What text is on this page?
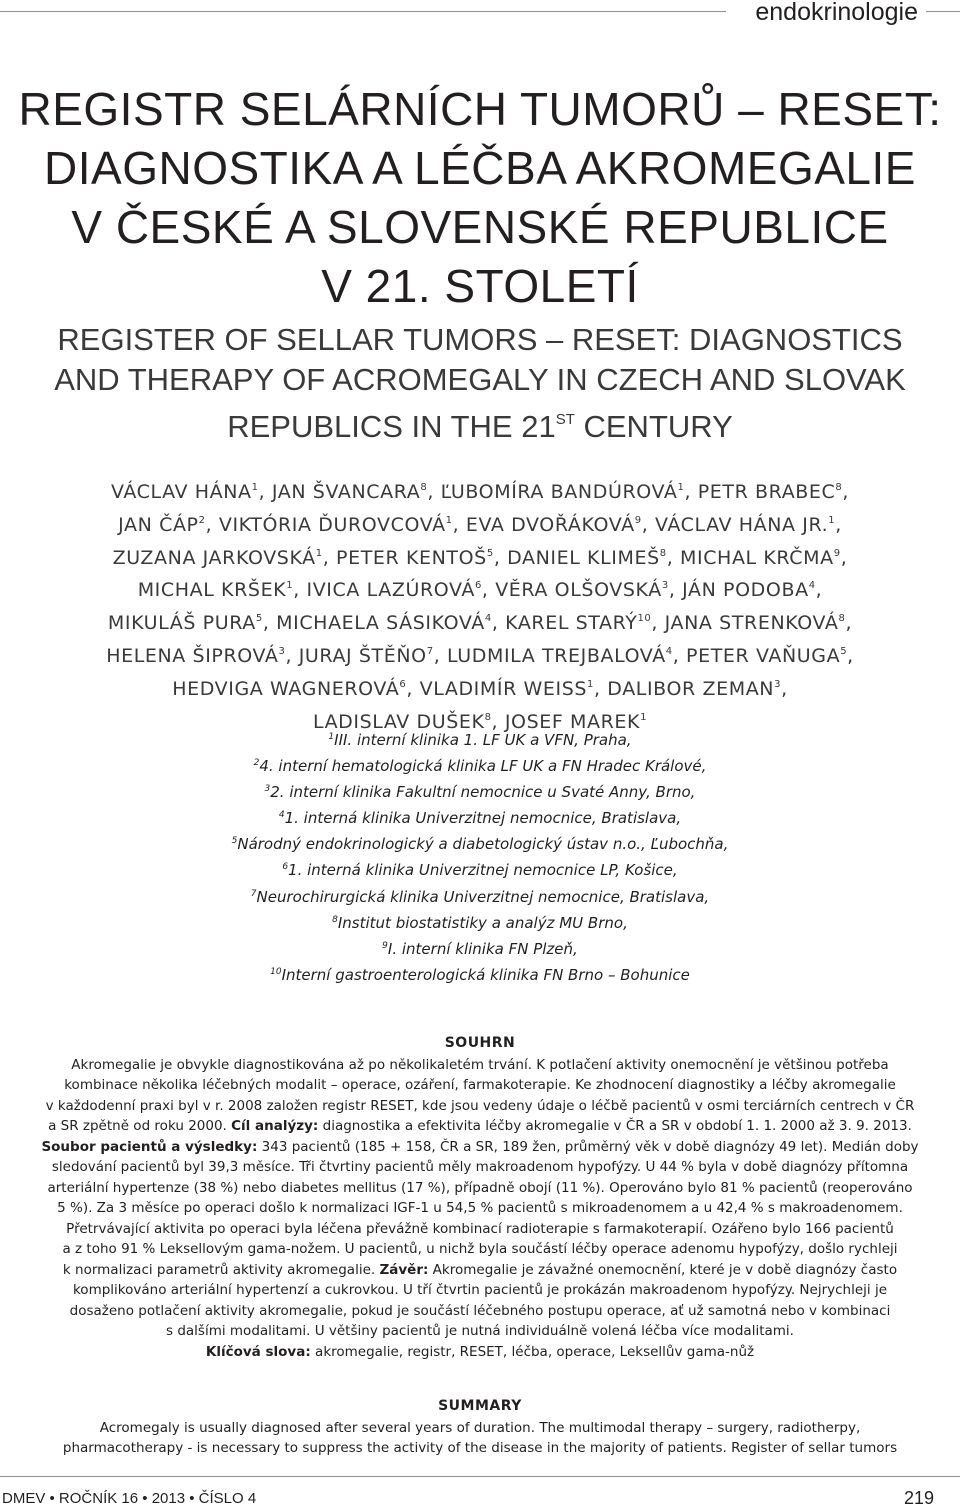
endokrinologie
REGISTR SELÁRNÍCH TUMORŮ – RESET:
DIAGNOSTIKA A LÉČBA AKROMEGALIE
V ČESKÉ A SLOVENSKÉ REPUBLICE
V 21. STOLETÍ
REGISTER OF SELLAR TUMORS – RESET: DIAGNOSTICS
AND THERAPY OF ACROMEGALY IN CZECH AND SLOVAK
REPUBLICS IN THE 21ST CENTURY
VÁCLAV HÁNA$^1$, JAN ŠVANCARA$^8$, ĽUBOMÍRA BANDÚROVÁ$^1$, PETR BRABEC$^8$,
JAN ČÁP$^2$, VIKTÓRIA ĎUROVCOVÁ$^1$, EVA DVOŘÁKOVÁ$^9$, VÁCLAV HÁNA JR.$^1$,
ZUZANA JARKOVSKÁ$^1$, PETER KENTOŠ$^5$, DANIEL KLIMEŠ$^8$, MICHAL KRČMA$^9$,
MICHAL KRŠEK$^1$, IVICA LAZÚROVÁ$^6$, VĚRA OLŠOVSKÁ$^3$, JÁN PODOBA$^4$,
MIKULÁŠ PURA$^5$, MICHAELA SÁSIKOVÁ$^4$, KAREL STARÝ$^{10}$, JANA STRENKOVÁ$^8$,
HELENA ŠIPROVÁ$^3$, JURAJ ŠTĚŇO$^7$, LUDMILA TREJBALOVÁ$^4$, PETER VAŇUGA$^5$,
HEDVIGA WAGNEROVÁ$^6$, VLADIMÍR WEISS$^1$, DALIBOR ZEMAN$^3$,
LADISLAV DUŠEK$^8$, JOSEF MAREK$^1$
$^1$III. interní klinika 1. LF UK a VFN, Praha,
$^2$4. interní hematologická klinika LF UK a FN Hradec Králové,
$^3$2. interní klinika Fakultní nemocnice u Svaté Anny, Brno,
$^4$1. interná klinika Univerzitnej nemocnice, Bratislava,
$^5$Národný endokrinologický a diabetologický ústav n.o., Ľubochňa,
$^6$1. interná klinika Univerzitnej nemocnice LP, Košice,
$^7$Neurochirurgická klinika Univerzitnej nemocnice, Bratislava,
$^8$Institut biostatistiky a analýz MU Brno,
$^9$I. interní klinika FN Plzeň,
$^{10}$Interní gastroenterologická klinika FN Brno – Bohunice
SOUHRN
Akromegalie je obvykle diagnostikována až po několikaletém trvání. K potlačení aktivity onemocnění je většinou potřeba
kombinace několika léčebných modalit – operace, ozáření, farmakoterapie. Ke zhodnocení diagnostiky a léčby akromegalie
v každodenní praxi byl v r. 2008 založen registr RESET, kde jsou vedeny údaje o léčbě pacientů v osmi terciárních centrech v ČR
a SR zpětně od roku 2000. Cíl analýzy: diagnostika a efektivita léčby akromegalie v ČR a SR v období 1. 1. 2000 až 3. 9. 2013.
Soubor pacientů a výsledky: 343 pacientů (185 + 158, ČR a SR, 189 žen, průměrný věk v době diagnózy 49 let). Medián doby
sledování pacientů byl 39,3 měsíce. Tři čtvrtiny pacientů měly makroadenom hypofýzy. U 44 % byla v době diagnózy přítomna
arteriální hypertenze (38 %) nebo diabetes mellitus (17 %), případně obojí (11 %). Operováno bylo 81 % pacientů (reoperováno
5 %). Za 3 měsíce po operaci došlo k normalizaci IGF-1 u 54,5 % pacientů s mikroadenomem a u 42,4 % s makroadenomem.
Přetrvávající aktivita po operaci byla léčena převážně kombinací radioterapie s farmakoterapií. Ozářeno bylo 166 pacientů
a z toho 91 % Leksellovým gama-nožem. U pacientů, u nichž byla součástí léčby operace adenomu hypofýzy, došlo rychleji
k normalizaci parametrů aktivity akromegalie. Závěr: Akromegalie je závažné onemocnění, které je v době diagnózy často
komplikováno arteriální hypertenzí a cukrovkou. U tří čtvrtin pacientů je prokázán makroadenom hypofýzy. Nejrychleji je
dosaženo potlačení aktivity akromegalie, pokud je součástí léčebného postupu operace, ať už samotná nebo v kombinaci
s dalšími modalitami. U většiny pacientů je nutná individuálně volená léčba více modalitami.
Klíčová slova: akromegalie, registr, RESET, léčba, operace, Leksellův gama-nůž
SUMMARY
Acromegaly is usually diagnosed after several years of duration. The multimodal therapy – surgery, radiotherpy,
pharmacotherapy - is necessary to suppress the activity of the disease in the majority of patients. Register of sellar tumors
DMEV • ROČNÍK 16 • 2013 • ČÍSLO 4	219
